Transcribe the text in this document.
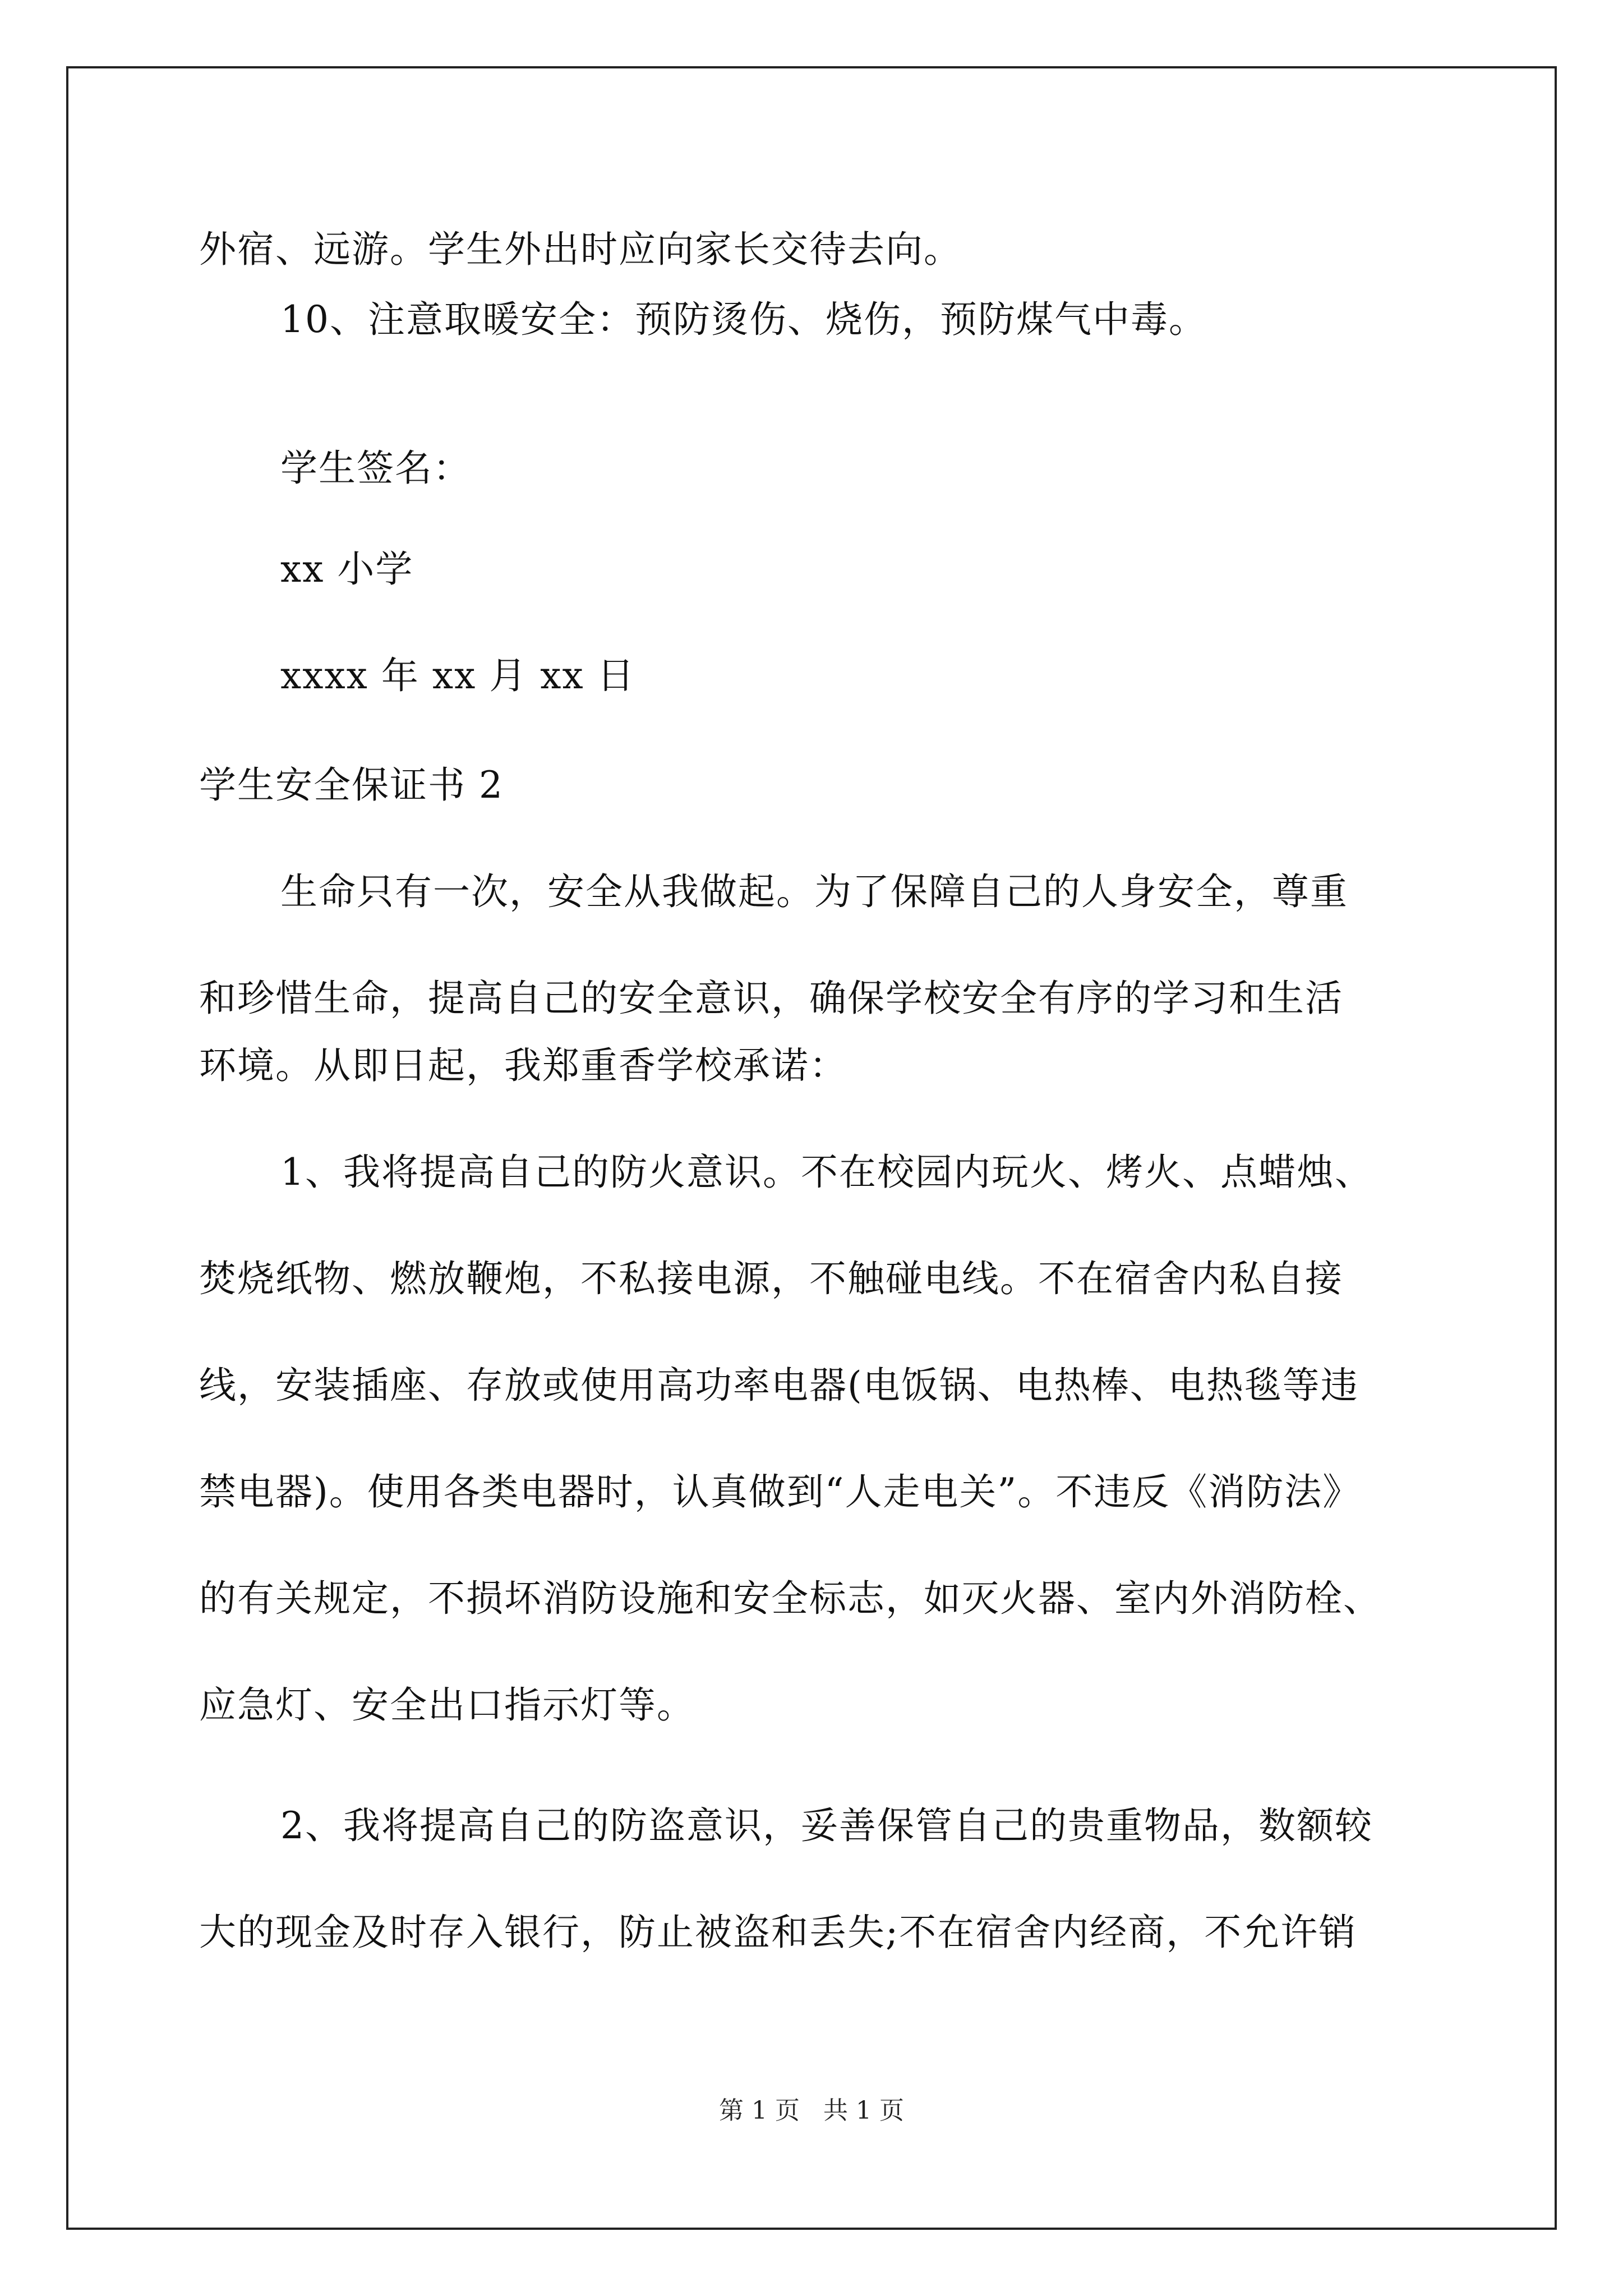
外宿、远游。学生外出时应向家长交待去向。
10、注意取暖安全：预防烫伤、烧伤，预防煤气中毒。
学生签名：
xx 小学
xxxx 年 xx 月 xx 日
学生安全保证书 2
生命只有一次，安全从我做起。为了保障自己的人身安全，尊重
和珍惜生命，提高自己的安全意识，确保学校安全有序的学习和生活
环境。从即日起，我郑重香学校承诺：
1、我将提高自己的防火意识。不在校园内玩火、烤火、点蜡烛、
焚烧纸物、燃放鞭炮，不私接电源，不触碰电线。不在宿舍内私自接
线，安装插座、存放或使用高功率电器(电饭锅、电热棒、电热毯等违
禁电器)。使用各类电器时，认真做到“人走电关”。不违反《消防法》
的有关规定，不损坏消防设施和安全标志，如灭火器、室内外消防栓、
应急灯、安全出口指示灯等。
2、我将提高自己的防盗意识，妥善保管自己的贵重物品，数额较
大的现金及时存入银行，防止被盗和丢失;不在宿舍内经商，不允许销
第 1 页   共 1 页
